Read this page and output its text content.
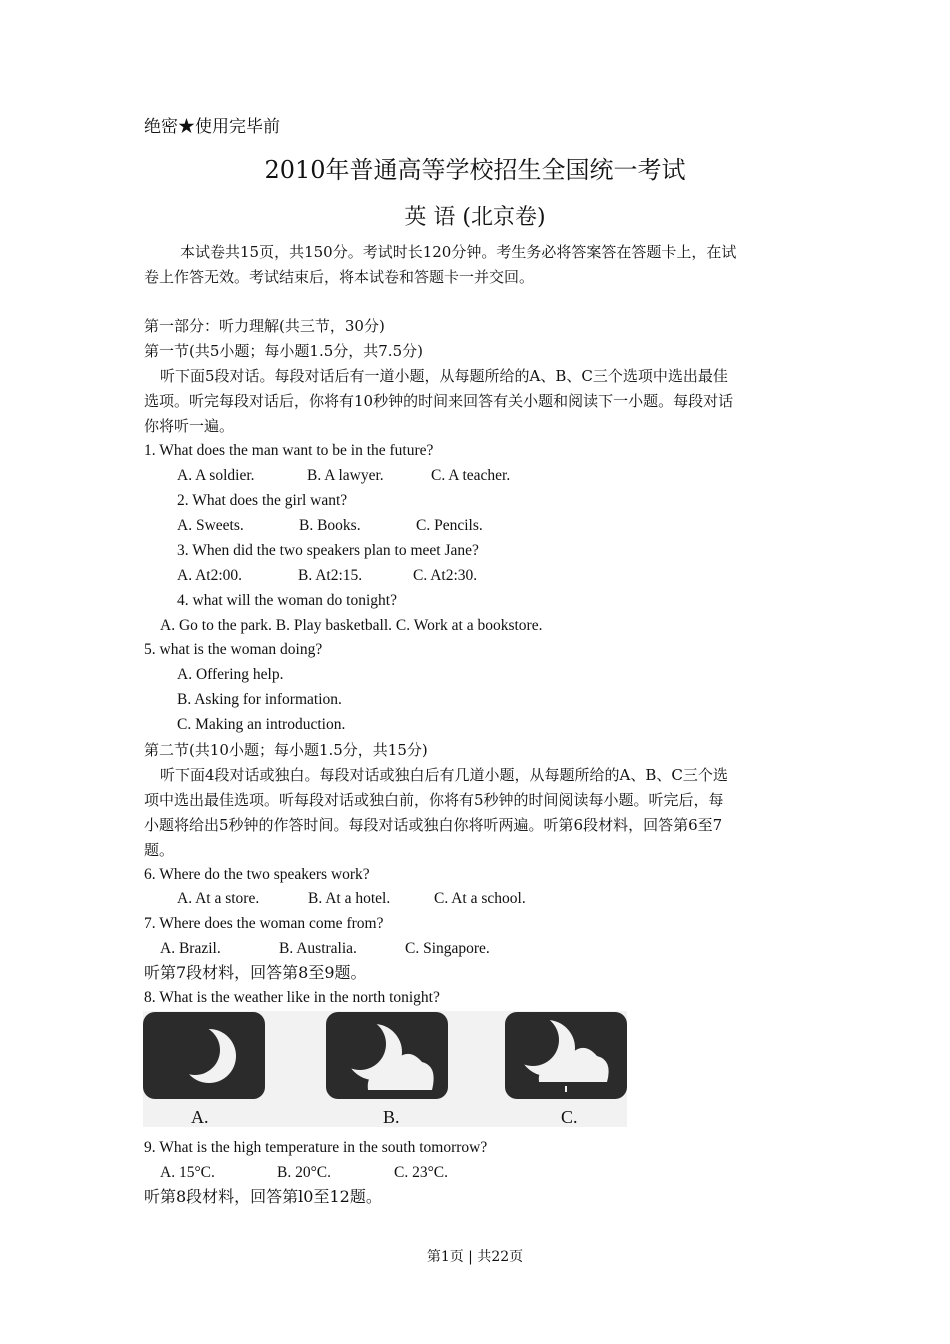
绝密★使用完毕前
2010年普通高等学校招生全国统一考试
英 语 (北京卷)
本试卷共15页，共150分。考试时长120分钟。考生务必将答案答在答题卡上，在试
卷上作答无效。考试结束后，将本试卷和答题卡一并交回。
第一部分：听力理解(共三节，30分)
第一节(共5小题；每小题1.5分，共7.5分)
听下面5段对话。每段对话后有一道小题，从每题所给的A、B、C三个选项中选出最佳
选项。听完每段对话后，你将有10秒钟的时间来回答有关小题和阅读下一小题。每段对话
你将听一遍。
1. What does the man want to be in the future?
A. A soldier.	B. A lawyer.	C. A teacher.
2. What does the girl want?
A. Sweets.	B. Books.	C. Pencils.
3. When did the two speakers plan to meet Jane?
A. At2:00.	B. At2:15.	C. At2:30.
4. what will the woman do tonight?
A. Go to the park. B. Play basketball. C. Work at a bookstore.
5. what is the woman doing?
A. Offering help.
B. Asking for information.
C. Making an introduction.
第二节(共10小题；每小题1.5分，共15分)
听下面4段对话或独白。每段对话或独白后有几道小题，从每题所给的A、B、C三个选
项中选出最佳选项。听每段对话或独白前，你将有5秒钟的时间阅读每小题。听完后，每
小题将给出5秒钟的作答时间。每段对话或独白你将听两遍。听第6段材料，回答第6至7
题。
6. Where do the two speakers work?
A. At a store.	B. At a hotel.	C. At a school.
7. Where does the woman come from?
A. Brazil.	B. Australia.	C. Singapore.
听第7段材料，回答第8至9题。
8. What is the weather like in the north tonight?
A.	B.	C.
9. What is the high temperature in the south tomorrow?
A. 15°C.	B. 20°C.	C. 23°C.
听第8段材料，回答第l0至12题。
第1页 | 共22页
